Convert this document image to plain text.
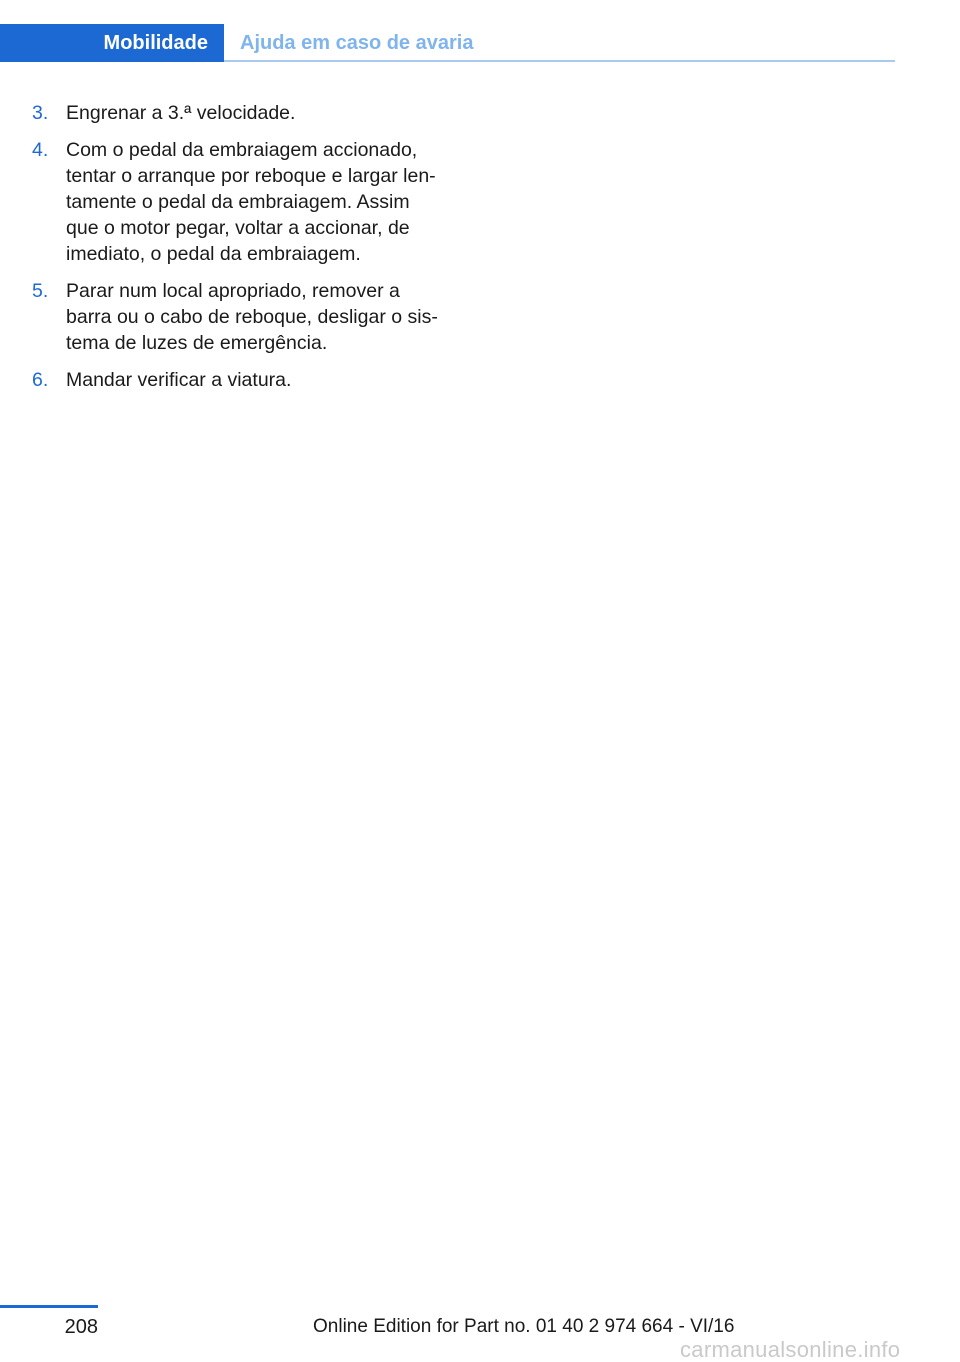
Mobilidade	Ajuda em caso de avaria
3. Engrenar a 3.ª velocidade.
4. Com o pedal da embraiagem accionado,
tentar o arranque por reboque e largar len‐
tamente o pedal da embraiagem. Assim
que o motor pegar, voltar a accionar, de
imediato, o pedal da embraiagem.
5. Parar num local apropriado, remover a
barra ou o cabo de reboque, desligar o sis‐
tema de luzes de emergência.
6. Mandar verificar a viatura.
208	Online Edition for Part no. 01 40 2 974 664 - VI/16
carmanualsonline.info
